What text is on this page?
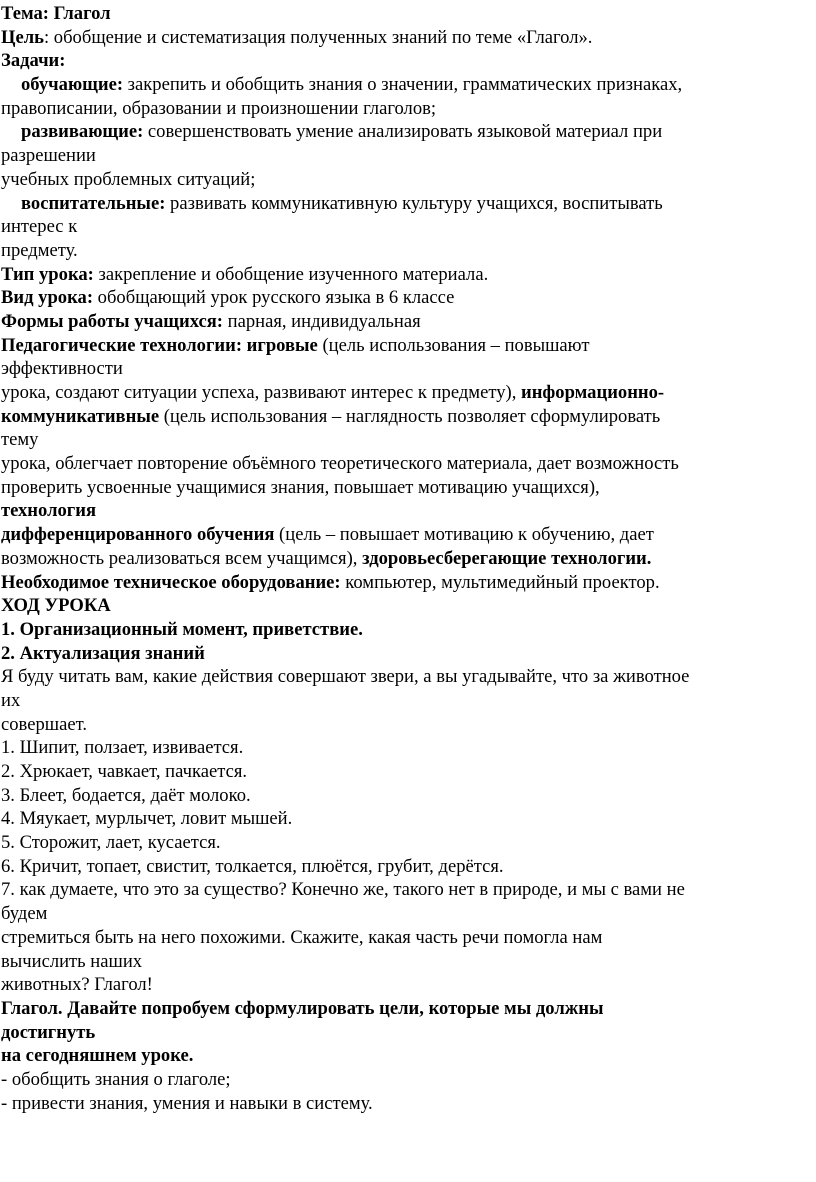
Тема: Глагол
Цель: обобщение и систематизация полученных знаний по теме «Глагол».
Задачи:
обучающие: закрепить и обобщить знания о значении, грамматических признаках,
правописании, образовании и произношении глаголов;
развивающие: совершенствовать умение анализировать языковой материал при
разрешении
учебных проблемных ситуаций;
воспитательные: развивать коммуникативную культуру учащихся, воспитывать
интерес к
предмету.
Тип урока: закрепление и обобщение изученного материала.
Вид урока: обобщающий урок русского языка в 6 классе
Формы работы учащихся: парная, индивидуальная
Педагогические технологии: игровые (цель использования – повышают
эффективности
урока, создают ситуации успеха, развивают интерес к предмету), информационно-
коммуникативные (цель использования – наглядность позволяет сформулировать
тему
урока, облегчает повторение объёмного теоретического материала, дает возможность
проверить усвоенные учащимися знания, повышает мотивацию учащихся),
технология
дифференцированного обучения (цель – повышает мотивацию к обучению, дает
возможность реализоваться всем учащимся), здоровьесберегающие технологии.
Необходимое техническое оборудование: компьютер, мультимедийный проектор.
ХОД УРОКА
1. Организационный момент, приветствие.
2. Актуализация знаний
Я буду читать вам, какие действия совершают звери, а вы угадывайте, что за животное
их
совершает.
1. Шипит, ползает, извивается.
2. Хрюкает, чавкает, пачкается.
3. Блеет, бодается, даёт молоко.
4. Мяукает, мурлычет, ловит мышей.
5. Сторожит, лает, кусается.
6. Кричит, топает, свистит, толкается, плюётся, грубит, дерётся.
7. как думаете, что это за существо? Конечно же, такого нет в природе, и мы с вами не
будем
стремиться быть на него похожими. Скажите, какая часть речи помогла нам
вычислить наших
животных? Глагол!
Глагол. Давайте попробуем сформулировать цели, которые мы должны
достигнуть
на сегодняшнем уроке.
- обобщить знания о глаголе;
- привести знания, умения и навыки в систему.
